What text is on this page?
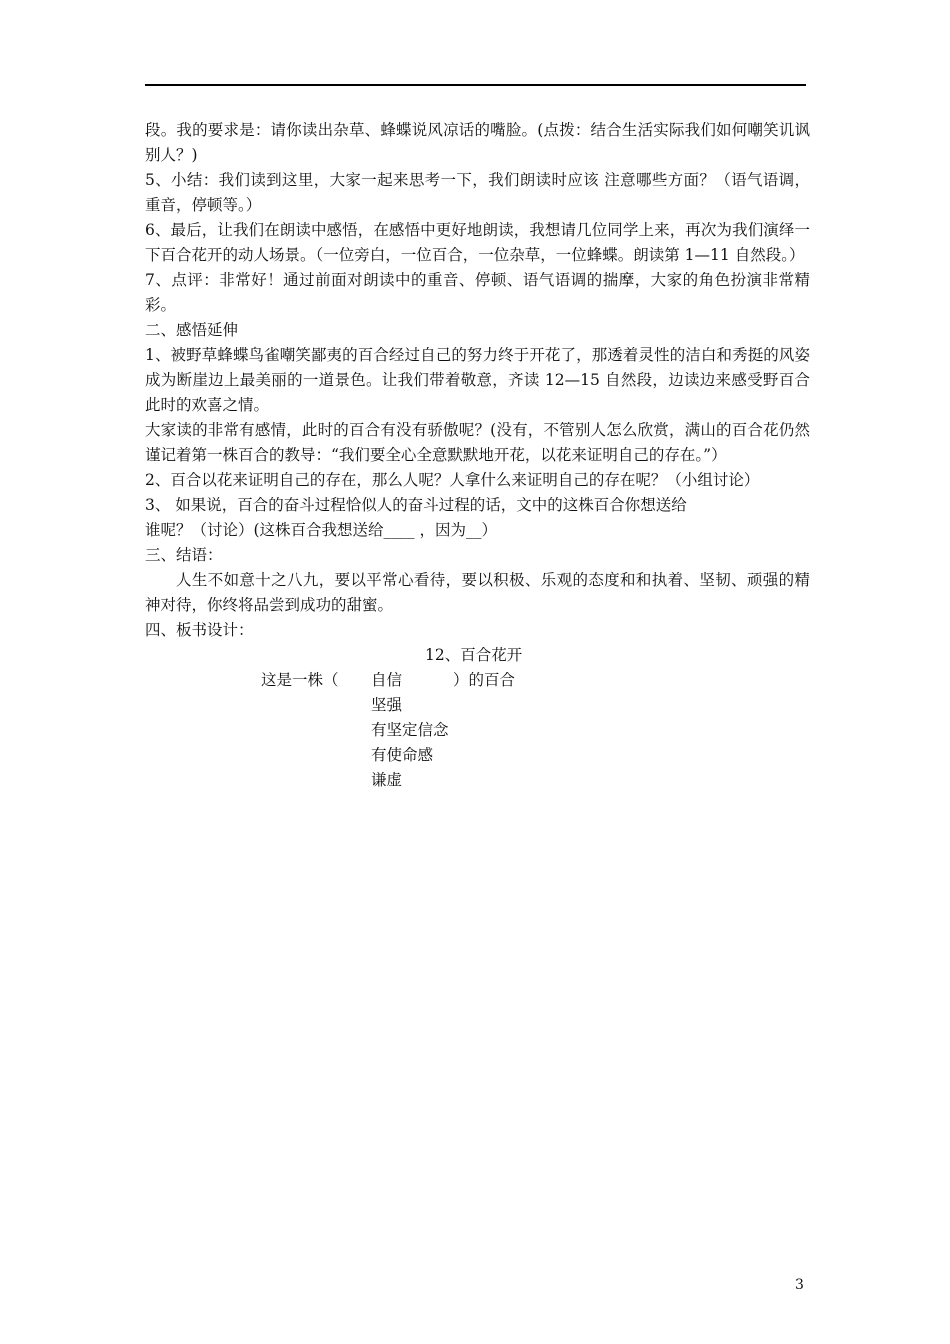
段。我的要求是：请你读出杂草、蜂蝶说风凉话的嘴脸。(点拨：结合生活实际我们如何嘲笑讥讽别人？)

5、小结：我们读到这里，大家一起来思考一下，我们朗读时应该 注意哪些方面？（语气语调，重音，停顿等。）

6、最后，让我们在朗读中感悟，在感悟中更好地朗读，我想请几位同学上来，再次为我们演绎一下百合花开的动人场景。（一位旁白，一位百合，一位杂草，一位蜂蝶。朗读第 1—11 自然段。）

7、点评：非常好！通过前面对朗读中的重音、停顿、语气语调的揣摩，大家的角色扮演非常精彩。

二、感悟延伸

1、被野草蜂蝶鸟雀嘲笑鄙夷的百合经过自己的努力终于开花了，那透着灵性的洁白和秀挺的风姿成为断崖边上最美丽的一道景色。让我们带着敬意，齐读 12—15 自然段，边读边来感受野百合此时的欢喜之情。

大家读的非常有感情，此时的百合有没有骄傲呢？(没有，不管别人怎么欣赏，满山的百合花仍然谨记着第一株百合的教导：“我们要全心全意默默地开花，以花来证明自己的存在。”）

2、百合以花来证明自己的存在，那么人呢？人拿什么来证明自己的存在呢？（小组讨论）

3、 如果说，百合的奋斗过程恰似人的奋斗过程的话，文中的这株百合你想送给

谁呢？（讨论）(这株百合我想送给____ ，因为__）

三、结语：

人生不如意十之八九，要以平常心看待，要以积极、乐观的态度和和执着、坚韧、顽强的精神对待，你终将品尝到成功的甜蜜。

四、板书设计：

12、百合花开
这是一株（ 自信	）的百合
坚强
有坚定信念
有使命感
谦虚
3
